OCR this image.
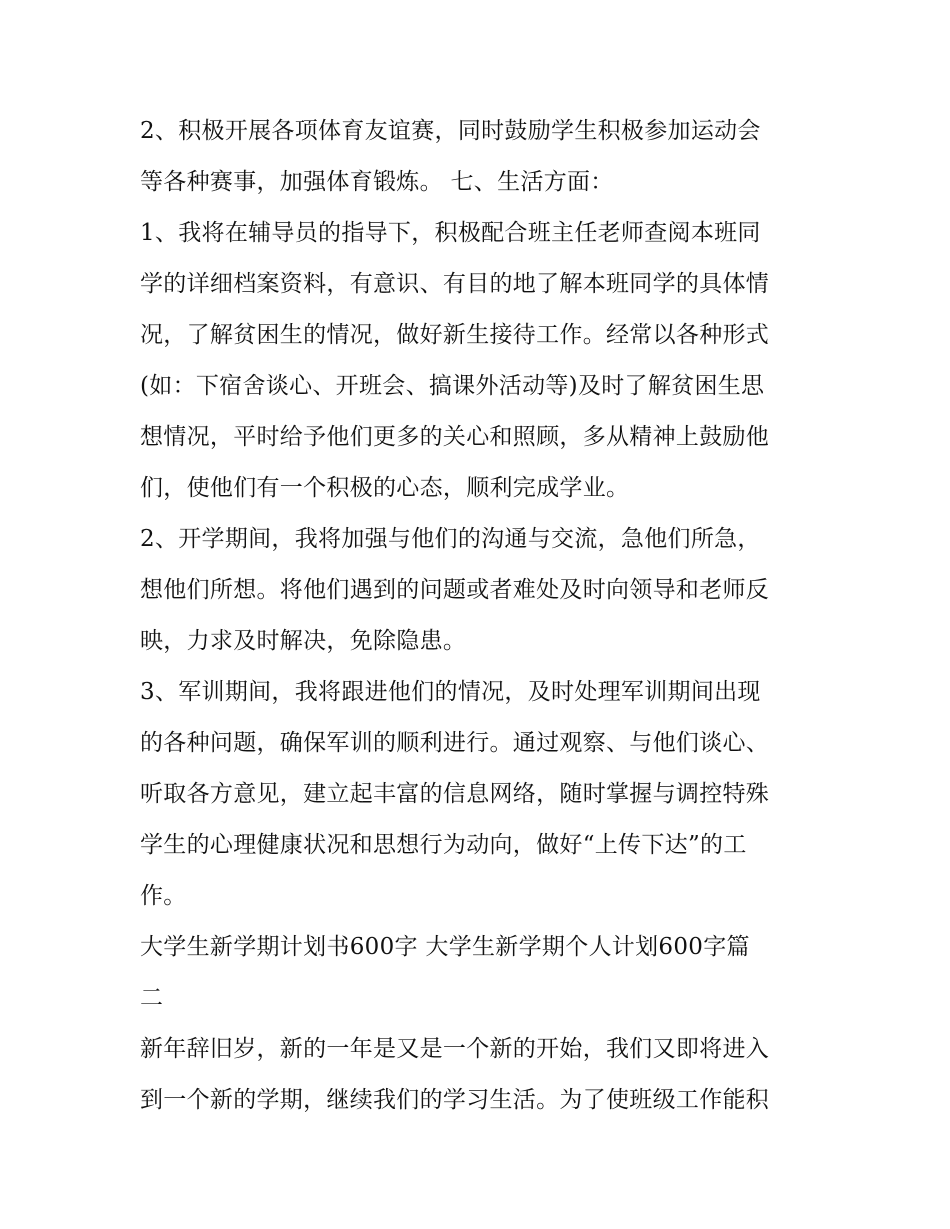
2、积极开展各项体育友谊赛，同时鼓励学生积极参加运动会
等各种赛事，加强体育锻炼。 七、生活方面：
1、我将在辅导员的指导下，积极配合班主任老师查阅本班同
学的详细档案资料，有意识、有目的地了解本班同学的具体情
况，了解贫困生的情况，做好新生接待工作。经常以各种形式
(如：下宿舍谈心、开班会、搞课外活动等)及时了解贫困生思
想情况，平时给予他们更多的关心和照顾，多从精神上鼓励他
们，使他们有一个积极的心态，顺利完成学业。
2、开学期间，我将加强与他们的沟通与交流，急他们所急，
想他们所想。将他们遇到的问题或者难处及时向领导和老师反
映，力求及时解决，免除隐患。
3、军训期间，我将跟进他们的情况，及时处理军训期间出现
的各种问题，确保军训的顺利进行。通过观察、与他们谈心、
听取各方意见，建立起丰富的信息网络，随时掌握与调控特殊
学生的心理健康状况和思想行为动向，做好“上传下达”的工
作。
大学生新学期计划书600字 大学生新学期个人计划600字篇
二
新年辞旧岁，新的一年是又是一个新的开始，我们又即将进入
到一个新的学期，继续我们的学习生活。为了使班级工作能积
